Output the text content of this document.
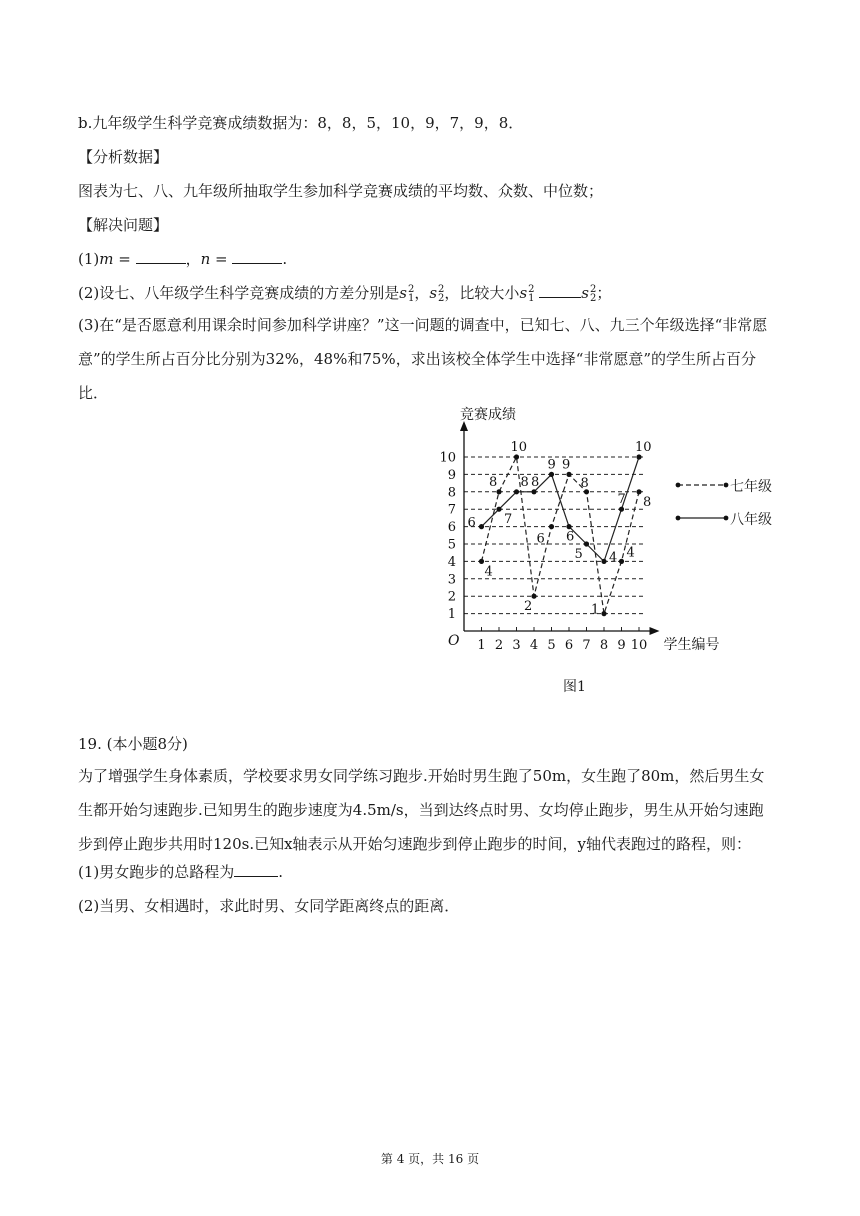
b.九年级学生科学竞赛成绩数据为：8，8，5，10，9，7，9，8．
【分析数据】
图表为七、八、九年级所抽取学生参加科学竞赛成绩的平均数、众数、中位数；
【解决问题】
(1)m =	，n =	.
(2)设七、八年级学生科学竞赛成绩的方差分别是s 2
1 ，s 2
2 ，比较大小s 2
1	s 2
2 ；
(3)在“是否愿意利用课余时间参加科学讲座？”这一问题的调查中，已知七、八、九三个年级选择“非常愿意”的学生所占百分比分别为32%，48%和75%，求出该校全体学生中选择“非常愿意”的学生所占百分比．
1
2
3
4
5
6
7
8
9
10
1 2 3 4 5 6 7 8 9 10
竞赛成绩
学生编号
O
4
8
10
2
6
9
8
1
4
8
6 7
8 8
9
6
5 4
7
10
图1
19. (本小题8分)
为了增强学生身体素质，学校要求男女同学练习跑步.开始时男生跑了50m，女生跑了80m，然后男生女生都开始匀速跑步.已知男生的跑步速度为4.5m/s，当到达终点时男、女均停止跑步，男生从开始匀速跑步到停止跑步共用时120s.已知x轴表示从开始匀速跑步到停止跑步的时间，y轴代表跑过的路程，则：
(1)男女跑步的总路程为	.
(2)当男、女相遇时，求此时男、女同学距离终点的距离．
第 4 页，共 16 页
七年级
八年级
